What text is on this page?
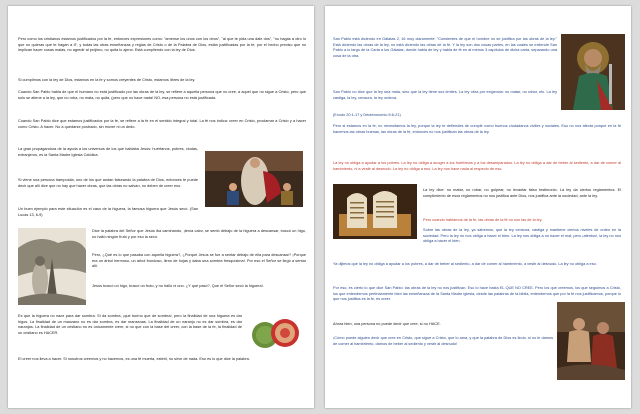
Pero como los cristianos estamos justificados por la fe, entonces expresiones como: "amense los unos con los otros", "al que te pida una dale dos", "no hagas a otro lo que no quieras que te hagan a ti", y todas las otras enseñanzas y reglas de Cristo o de la Palabra de Dios, están justificadas por la fe, por el hecho preciso que no implican hacer cosas malas, no agredir al prójimo, no quita lo ajeno. Está cumpliendo con la ley de Dios.

Si cumplimos con la ley de Dios, estamos en la fe y somos creyentes de Cristo, estamos libres de la ley.

Cuando San Pablo habla de que el humano no está justificado por las obras de la ley, se refiere a aquella persona que no cree, a aquel que no sigue a Cristo, pero que solo se atiene a la ley, que no roba, no mata, no quita, (pero que no hace nada! NO, esa persona no está justificada.

Cuando San Pablo dice que estamos justificados por la fe, se refiere a la fe en el sentido integral y total. La fé nos indica: creer en Cristo, proclamar a Cristo y a hacer como Cristo. A hacer. No a quedarse postrado, sin mover ni un dedo.

La gran propagandora de la ayuda a los universos de los que hablaba Jesús: huérfanos, pobres, viudas, extranjeros, es la Santa Madre Iglesia Católica.

Si viene una persona tramposita, uno de los que andan falseando la palabra de Dios, entonces te puede decir que allí dice que no hay que hacer obras, que las obras no salvan, no deben de creer eso.

Un buen ejemplo para este situación es el caso de la higuera, la famosa higuera que Jesús secó. (San Lucas 13, 6-9)

Dice la palabra del Señor que Jesús iba caminando, ¡tenía calor, se sentó debajo de la higuera a descansar, buscó un higo, no halló ningún fruto y por eso la secó.

Pero, ¿Qué es lo que pasaba con aquella higuera?, ¿Porqué Jesús se fue a sentar debajo de ella para descansar? ¡Porque era un árbol hermoso, un árbol frondoso, lleno de hojas y daba una sombra fresquísima!. Por eso el Señor se llegó a sentar allí.

Jesús buscó un higo, buscó un fruto, y no halló ni uno. ¿Y qué pasó?, Que el Señor secó la higuera!.

Es que la higuera no nace para dar sombra. Si da sombra, ¡qué bueno que de sombra!, pero la finalidad de una higuera es dar higos. La finalidad de un manzano no es dar sombra, es dar manzanas. La finalidad de un naranjo no es dar sombra, es dar naranjas. La finalidad de un cristiano no es únicamente creer, si no que con la base del creer, con la base de la fe, la finalidad de un cristiano es HACER.

El creer nos lleva a hacer. Si nosotros creemos y no hacemos, es una fé muerta, estéril, no sirve de nada. Eso es lo que dice la palabra.

San Pablo está diciendo en Gálatas 2, 16 muy claramente: "Consientes de que el hombre no se justifica por las obras de la ley." Está diciendo las obras de la ley, no está diciendo las obras de la fé. Y la ley son dos cosas partes, en las cuales se extiende San Pablo a lo largo de la Carta a los Gálatas, donde habla de ley y habla de fé en al menos 3 capítulos de dicha carta, separando una cosa de la otra.

San Pablo no dice que la ley sea mala, sino que la ley tiene sus límites. La ley obra por exigencia: no matar, no robar, etc. La ley castiga, la ley, censura, la ley ordena.

(Exodo 20:1-17 y Deuteronomio 5:6-21)

Pero si estamos en la fe, no necesitamos la ley, porque la ley te defiendes de cumplir como buenos ciudadanos civiles y sociales. Eso no nos afecta porque en la fé hacemos las obras buenas, las obras de la fé, entonces no nos justifican las obras de la ley.

La ley no obliga a ayudar a los pobres. La ley no obliga a acoger a los huérfanos y a los desamparados. La ley no obliga a dar de beber al sediento, a dar de comer al hambriento, ni a vestir al desnudo. La ley no obliga a eso. La ley nos hace nada al respecto de eso.

La ley dice: no matar, no robar, no golpear, no levantar falso testimonio. La ley da ciertos reglamentos. El cumplimiento de esos reglamentos no nos justifica ante Dios, nos justifica ante la sociedad, ante la ley.

Pero cuando hablamos de la fe, las obras de la fé no son las de la ley.

Sobre las obras de la ley, ya sabemos, que la ley censura, castiga y mantiene ciertos niveles de orden en la sociedad. Pero la ley no nos obliga a hacer el bien. La ley nos obliga a no hacer el mal, pero ¡atentos!, la ley no nos obliga a hacer el bien.

Ya dijimos que la ley no obliga a ayudar a los pobres, a dar de beber al sediento, a dar de comer al hambriento, a vestir al desnudo. La ley no obliga a eso.

Por eso, es cierto lo que dice San Pablo: las obras de la ley no nos justifican. Eso lo hace hasta EL QUE NO CREE. Pero los que creemos, los que seguimos a Cristo, los que entendemos perfectamente bien las enseñanzas de la Santa Madre iglesia, desde las palabras de la biblia, entendemos que por la fé nos justificamos, porque lo que nos justifica es la fe, es creer.

Ahora bien, una persona no puede decir que cree, si no HACE.

¡Cómo puede alguien decir que cree en Cristo, que sigue a Cristo, que lo ama, y que la palabra de Dios es lindo, si no le damos de comer al hambriento, damos de beber al sediento y vestir al desnudo!
